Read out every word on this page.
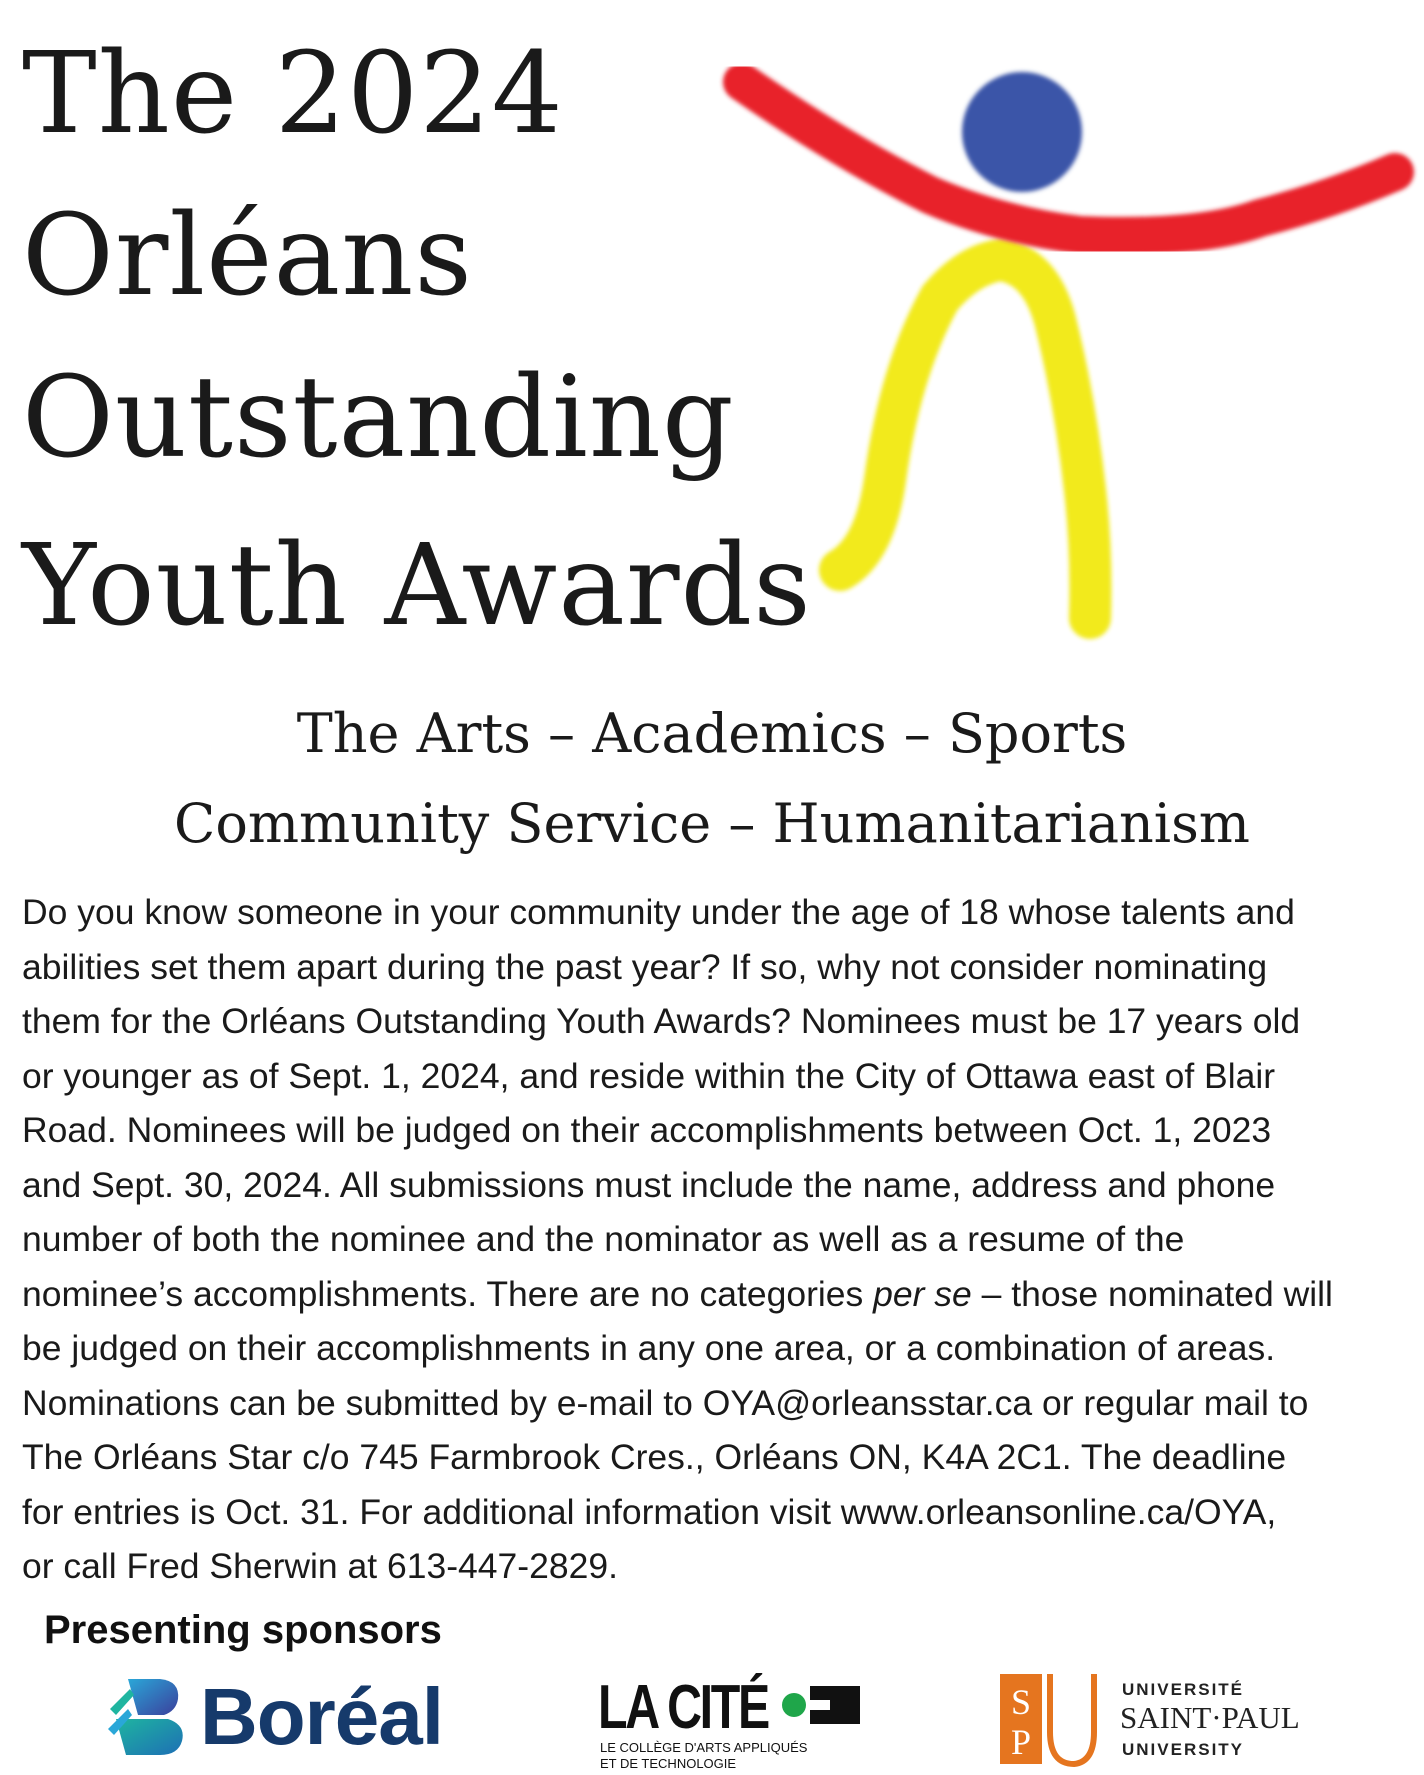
The 2024
Orléans
Outstanding
Youth Awards
The Arts – Academics – Sports
Community Service – Humanitarianism

Do you know someone in your community under the age of 18 whose talents and

abilities set them apart during the past year? If so, why not consider nominating

them for the Orléans Outstanding Youth Awards? Nominees must be 17 years old

or younger as of Sept. 1, 2024, and reside within the City of Ottawa east of Blair

Road. Nominees will be judged on their accomplishments between Oct. 1, 2023

and Sept. 30, 2024. All submissions must include the name, address and phone

number of both the nominee and the nominator as well as a resume of the

nominee’s accomplishments. There are no categories per se – those nominated will

be judged on their accomplishments in any one area, or a combination of areas.

Nominations can be submitted by e-mail to OYA@orleansstar.ca or regular mail to

The Orléans Star c/o 745 Farmbrook Cres., Orléans ON, K4A 2C1. The deadline

for entries is Oct. 31. For additional information visit www.orleansonline.ca/OYA,

or call Fred Sherwin at 613-447-2829.

Presenting sponsors
Boréal	LA CITÉ
LE COLLÈGE D'ARTS APPLIQUÉS
ET DE TECHNOLOGIE
S
P
UNIVERSITÉ
SAINT·PAUL
UNIVERSITY
